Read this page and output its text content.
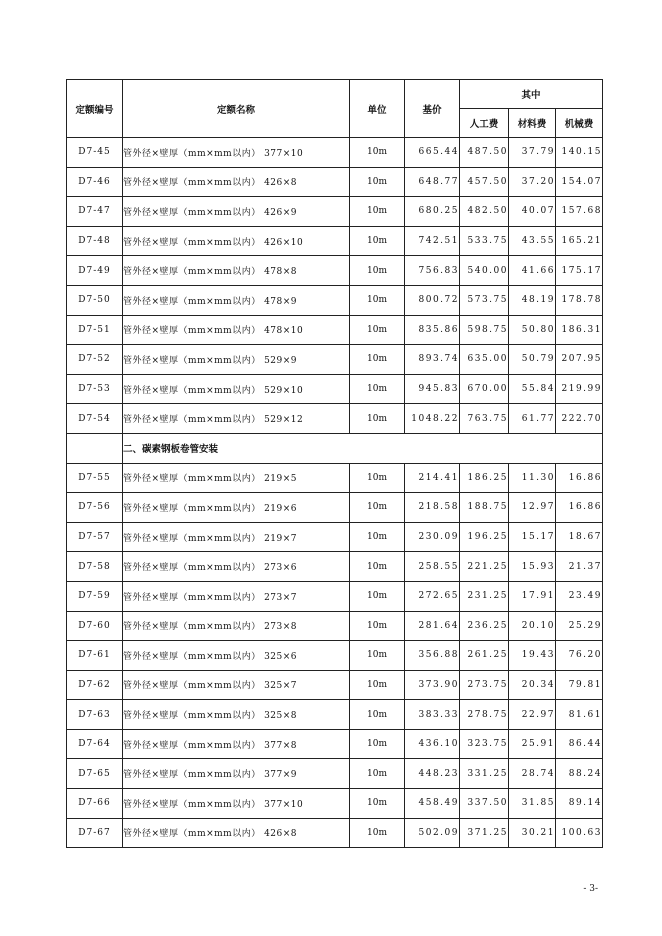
定额编号	定额名称	单位	基价	其中		
				人工费	材料费	机械费
D7-45	管外径×壁厚（mm×mm以内） 377×10	10m	665.44	487.50	37.79	140.15
D7-46	管外径×壁厚（mm×mm以内） 426×8	10m	648.77	457.50	37.20	154.07
D7-47	管外径×壁厚（mm×mm以内） 426×9	10m	680.25	482.50	40.07	157.68
D7-48	管外径×壁厚（mm×mm以内） 426×10	10m	742.51	533.75	43.55	165.21
D7-49	管外径×壁厚（mm×mm以内） 478×8	10m	756.83	540.00	41.66	175.17
D7-50	管外径×壁厚（mm×mm以内） 478×9	10m	800.72	573.75	48.19	178.78
D7-51	管外径×壁厚（mm×mm以内） 478×10	10m	835.86	598.75	50.80	186.31
D7-52	管外径×壁厚（mm×mm以内） 529×9	10m	893.74	635.00	50.79	207.95
D7-53	管外径×壁厚（mm×mm以内） 529×10	10m	945.83	670.00	55.84	219.99
D7-54	管外径×壁厚（mm×mm以内） 529×12	10m	1048.22	763.75	61.77	222.70
	二、碳素钢板卷管安装					
D7-55	管外径×壁厚（mm×mm以内） 219×5	10m	214.41	186.25	11.30	16.86
D7-56	管外径×壁厚（mm×mm以内） 219×6	10m	218.58	188.75	12.97	16.86
D7-57	管外径×壁厚（mm×mm以内） 219×7	10m	230.09	196.25	15.17	18.67
D7-58	管外径×壁厚（mm×mm以内） 273×6	10m	258.55	221.25	15.93	21.37
D7-59	管外径×壁厚（mm×mm以内） 273×7	10m	272.65	231.25	17.91	23.49
D7-60	管外径×壁厚（mm×mm以内） 273×8	10m	281.64	236.25	20.10	25.29
D7-61	管外径×壁厚（mm×mm以内） 325×6	10m	356.88	261.25	19.43	76.20
D7-62	管外径×壁厚（mm×mm以内） 325×7	10m	373.90	273.75	20.34	79.81
D7-63	管外径×壁厚（mm×mm以内） 325×8	10m	383.33	278.75	22.97	81.61
D7-64	管外径×壁厚（mm×mm以内） 377×8	10m	436.10	323.75	25.91	86.44
D7-65	管外径×壁厚（mm×mm以内） 377×9	10m	448.23	331.25	28.74	88.24
D7-66	管外径×壁厚（mm×mm以内） 377×10	10m	458.49	337.50	31.85	89.14
D7-67	管外径×壁厚（mm×mm以内） 426×8	10m	502.09	371.25	30.21	100.63
- 3-
